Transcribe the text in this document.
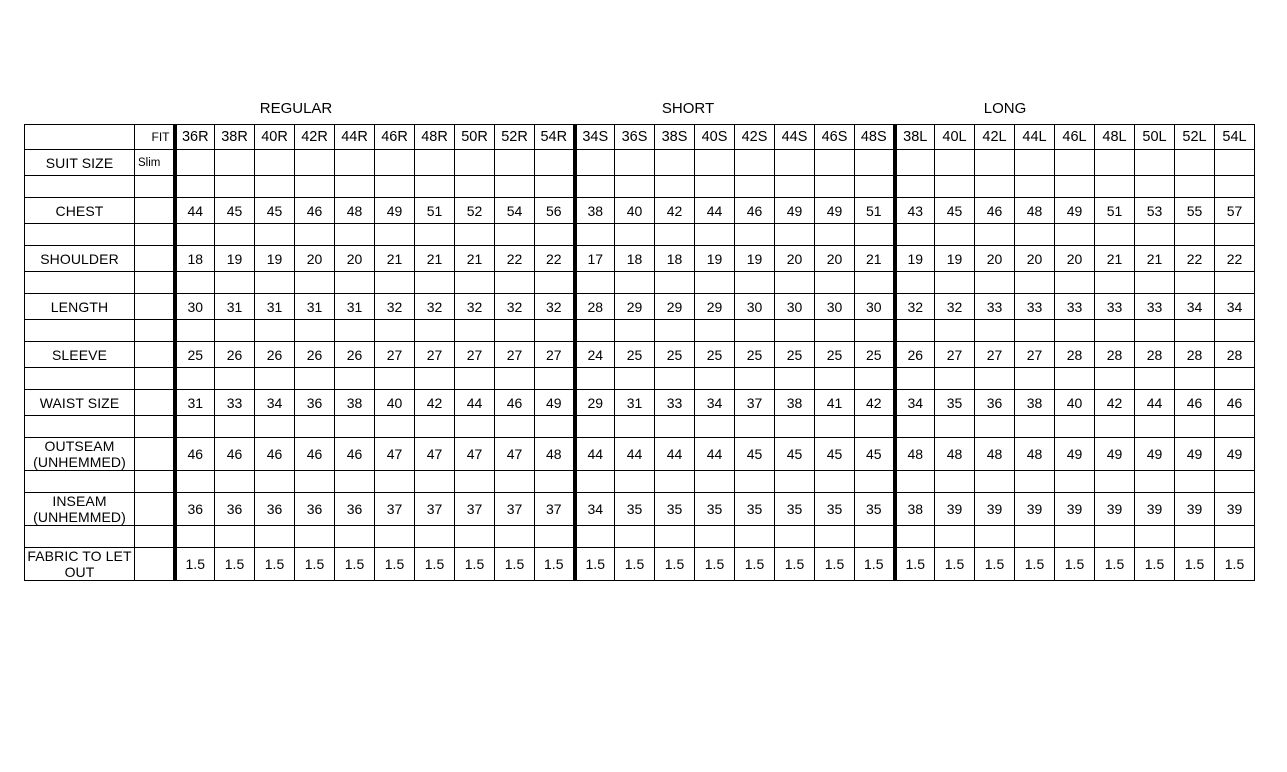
REGULAR	SHORT	LONG
	FIT	36R	38R	40R	42R	44R	46R	48R	50R	52R	54R	34S	36S	38S	40S	42S	44S	46S	48S	38L	40L	42L	44L	46L	48L	50L	52L	54L
SUIT SIZE	Slim																											

CHEST		44	45	45	46	48	49	51	52	54	56	38	40	42	44	46	49	49	51	43	45	46	48	49	51	53	55	57

SHOULDER		18	19	19	20	20	21	21	21	22	22	17	18	18	19	19	20	20	21	19	19	20	20	20	21	21	22	22

LENGTH		30	31	31	31	31	32	32	32	32	32	28	29	29	29	30	30	30	30	32	32	33	33	33	33	33	34	34

SLEEVE		25	26	26	26	26	27	27	27	27	27	24	25	25	25	25	25	25	25	26	27	27	27	28	28	28	28	28

WAIST SIZE		31	33	34	36	38	40	42	44	46	49	29	31	33	34	37	38	41	42	34	35	36	38	40	42	44	46	46

OUTSEAM (UNHEMMED)		46	46	46	46	46	47	47	47	47	48	44	44	44	44	45	45	45	45	48	48	48	48	49	49	49	49	49

INSEAM (UNHEMMED)		36	36	36	36	36	37	37	37	37	37	34	35	35	35	35	35	35	35	38	39	39	39	39	39	39	39	39

FABRIC TO LET OUT		1.5	1.5	1.5	1.5	1.5	1.5	1.5	1.5	1.5	1.5	1.5	1.5	1.5	1.5	1.5	1.5	1.5	1.5	1.5	1.5	1.5	1.5	1.5	1.5	1.5	1.5	1.5
